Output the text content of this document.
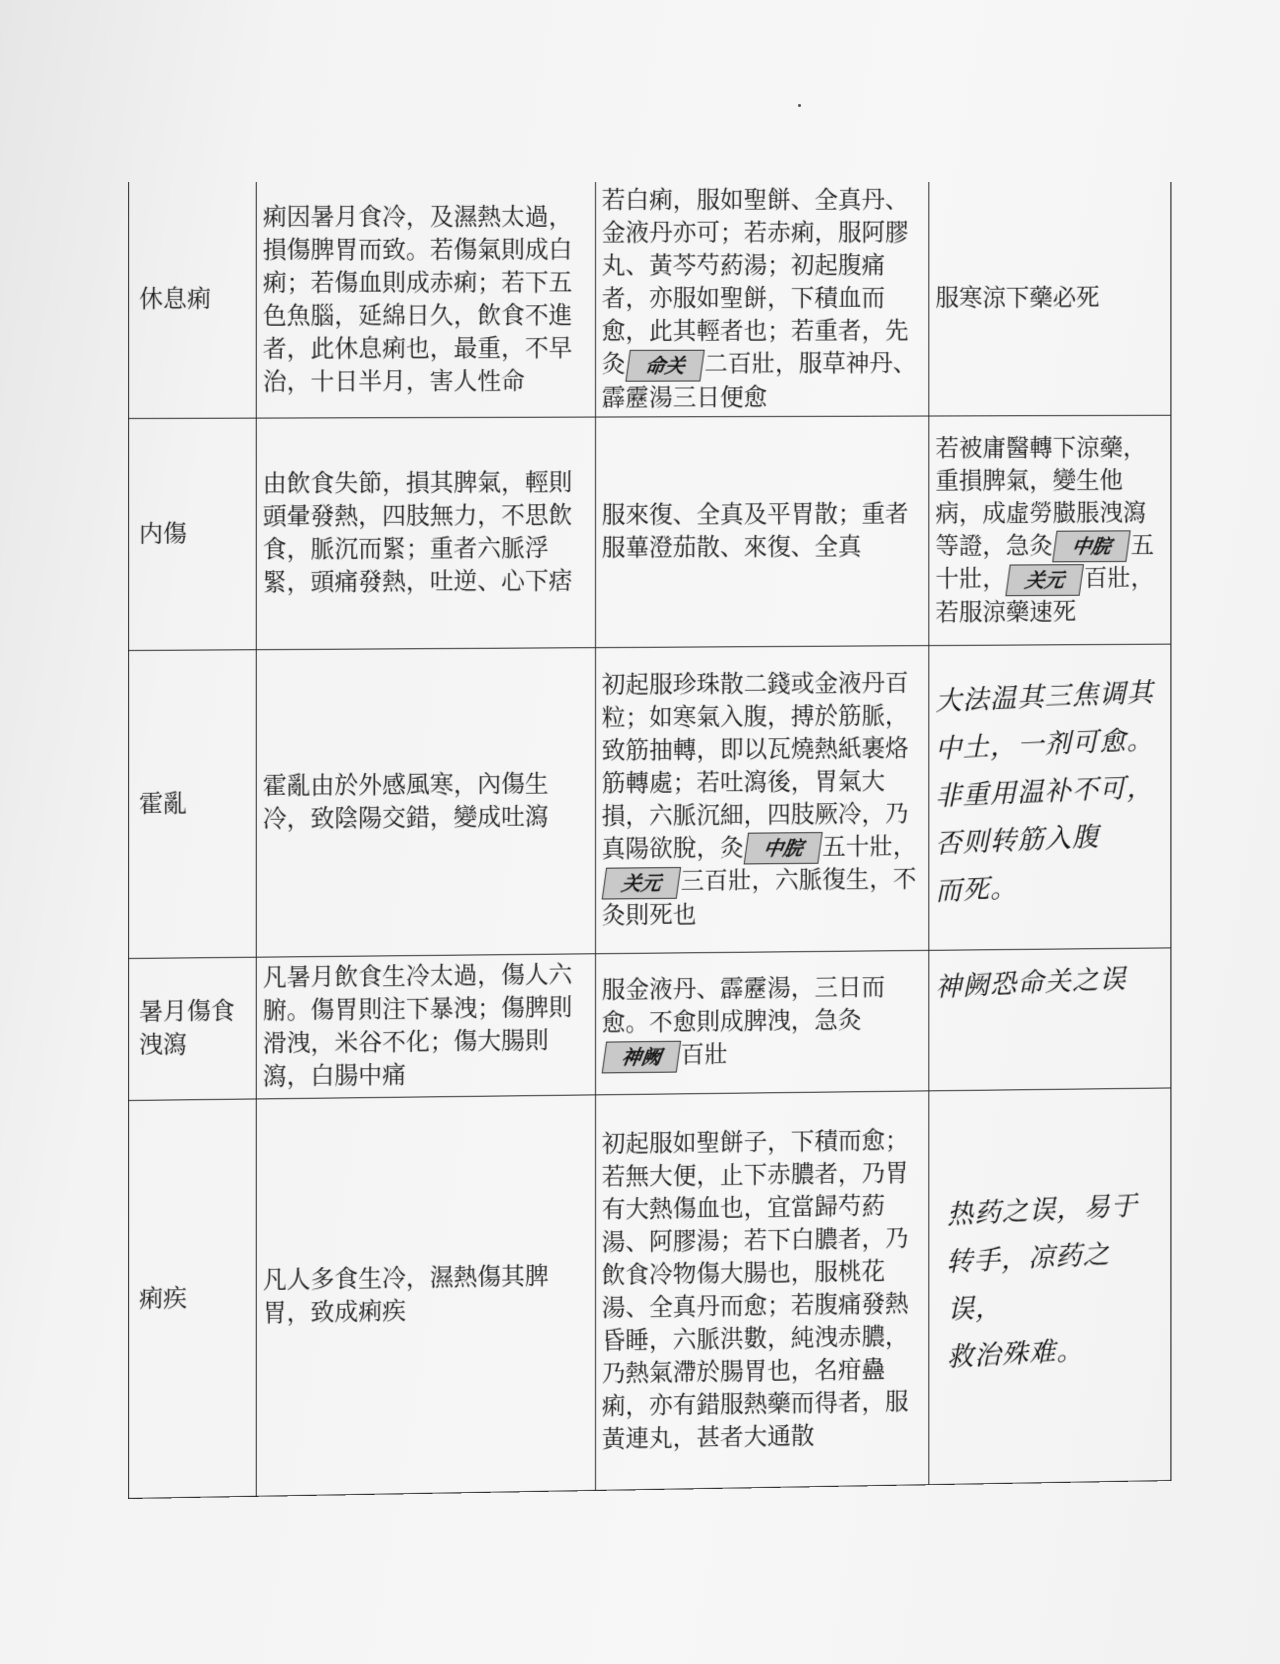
休息痢	痢因暑月食冷，及濕熱太過，損傷脾胃而致。若傷氣則成白痢；若傷血則成赤痢；若下五色魚腦，延綿日久，飲食不進者，此休息痢也，最重，不早治，十日半月，害人性命	若白痢，服如聖餅、全真丹、金液丹亦可；若赤痢，服阿膠丸、黃芩芍葯湯；初起腹痛者，亦服如聖餅，下積血而愈，此其輕者也；若重者，先灸 命关 二百壯，服草神丹、霹靂湯三日便愈	服寒涼下藥必死
内傷	由飲食失節，損其脾氣，輕則頭暈發熱，四肢無力，不思飲食，脈沉而緊；重者六脈浮緊，頭痛發熱，吐逆、心下痞	服來復、全真及平胃散；重者服蓽澄茄散、來復、全真	若被庸醫轉下涼藥，重損脾氣，變生他病，成虛勞臌脹洩瀉等證，急灸 中脘 五十壯， 关元 百壯，若服涼藥速死
霍亂	霍亂由於外感風寒，內傷生冷，致陰陽交錯，變成吐瀉	初起服珍珠散二錢或金液丹百粒；如寒氣入腹，搏於筋脈，致筋抽轉，即以瓦燒熱紙裹烙筋轉處；若吐瀉後，胃氣大損，六脈沉細，四肢厥冷，乃真陽欲脫，灸 中脘 五十壯，关元 三百壯，六脈復生，不灸則死也	大法温其三焦调其
中土，一剂可愈。
非重用温补不可，
否则转筋入腹
而死。

暑月傷食洩瀉	凡暑月飲食生冷太過，傷人六腑。傷胃則注下暴洩；傷脾則滑洩，米谷不化；傷大腸則瀉，白腸中痛	服金液丹、霹靂湯，三日而愈。不愈則成脾洩，急灸神阙 百壯	神阙恐命关之误

痢疾	凡人多食生冷，濕熱傷其脾胃，致成痢疾	初起服如聖餅子，下積而愈；若無大便，止下赤膿者，乃胃有大熱傷血也，宜當歸芍葯湯、阿膠湯；若下白膿者，乃飲食冷物傷大腸也，服桃花湯、全真丹而愈；若腹痛發熱昏睡，六脈洪數，純洩赤膿，乃熱氣滯於腸胃也，名疳蠱痢，亦有錯服熱藥而得者，服黃連丸，甚者大通散	热药之误，易于
转手，凉药之误，
救治殊难。
